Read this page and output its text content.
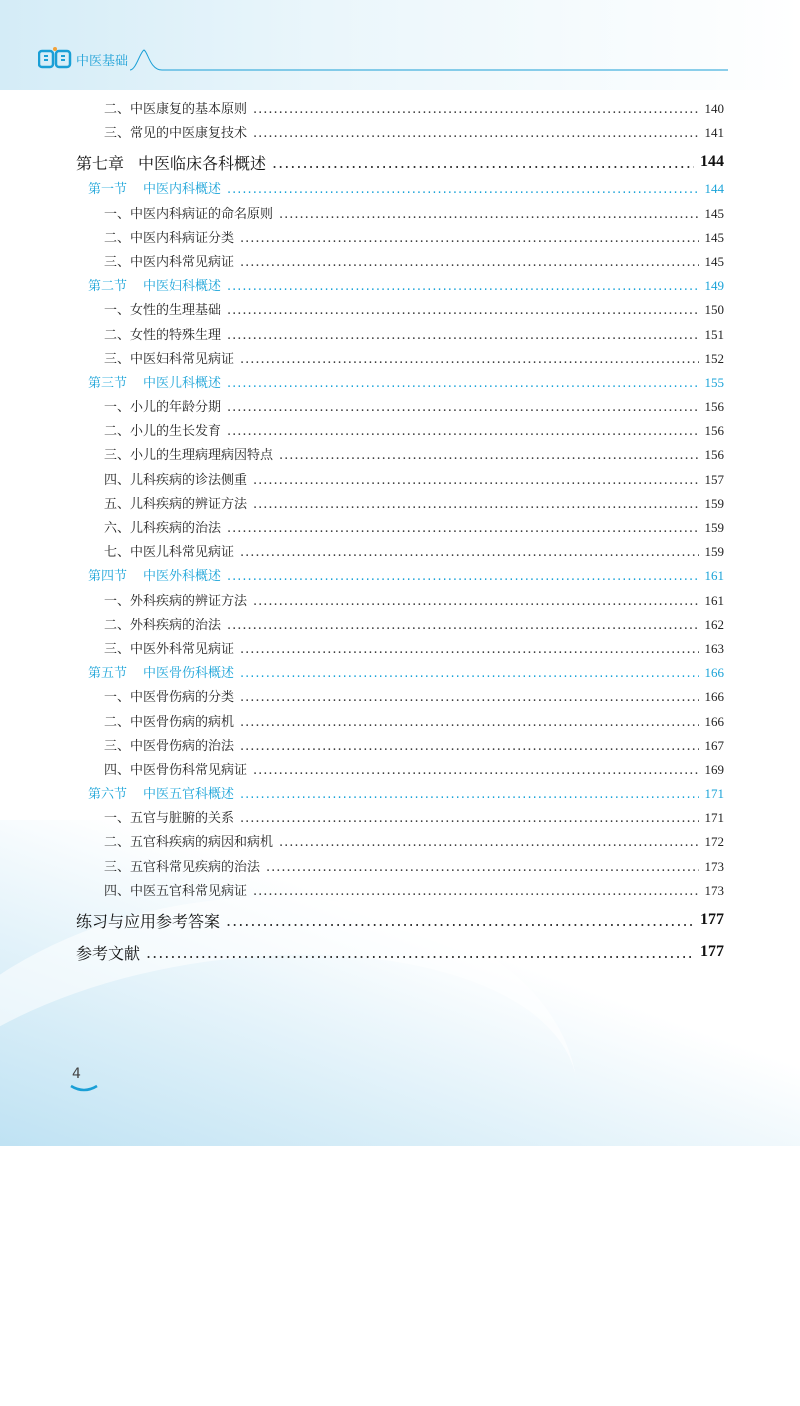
中医基础
二、中医康复的基本原则 .....	140
三、常见的中医康复技术 .....	141
第七章 中医临床各科概述 .....	144
第一节 中医内科概述 .....	144
一、中医内科病证的命名原则 .....	145
二、中医内科病证分类 .....	145
三、中医内科常见病证 .....	145
第二节 中医妇科概述 .....	149
一、女性的生理基础 .....	150
二、女性的特殊生理 .....	151
三、中医妇科常见病证 .....	152
第三节 中医儿科概述 .....	155
一、小儿的年龄分期 .....	156
二、小儿的生长发育 .....	156
三、小儿的生理病理病因特点 .....	156
四、儿科疾病的诊法侧重 .....	157
五、儿科疾病的辨证方法 .....	159
六、儿科疾病的治法 .....	159
七、中医儿科常见病证 .....	159
第四节 中医外科概述 .....	161
一、外科疾病的辨证方法 .....	161
二、外科疾病的治法 .....	162
三、中医外科常见病证 .....	163
第五节 中医骨伤科概述 .....	166
一、中医骨伤病的分类 .....	166
二、中医骨伤病的病机 .....	166
三、中医骨伤病的治法 .....	167
四、中医骨伤科常见病证 .....	169
第六节 中医五官科概述 .....	171
一、五官与脏腑的关系 .....	171
二、五官科疾病的病因和病机 .....	172
三、五官科常见疾病的治法 .....	173
四、中医五官科常见病证 .....	173
练习与应用参考答案 .....	177
参考文献 .....	177
4
